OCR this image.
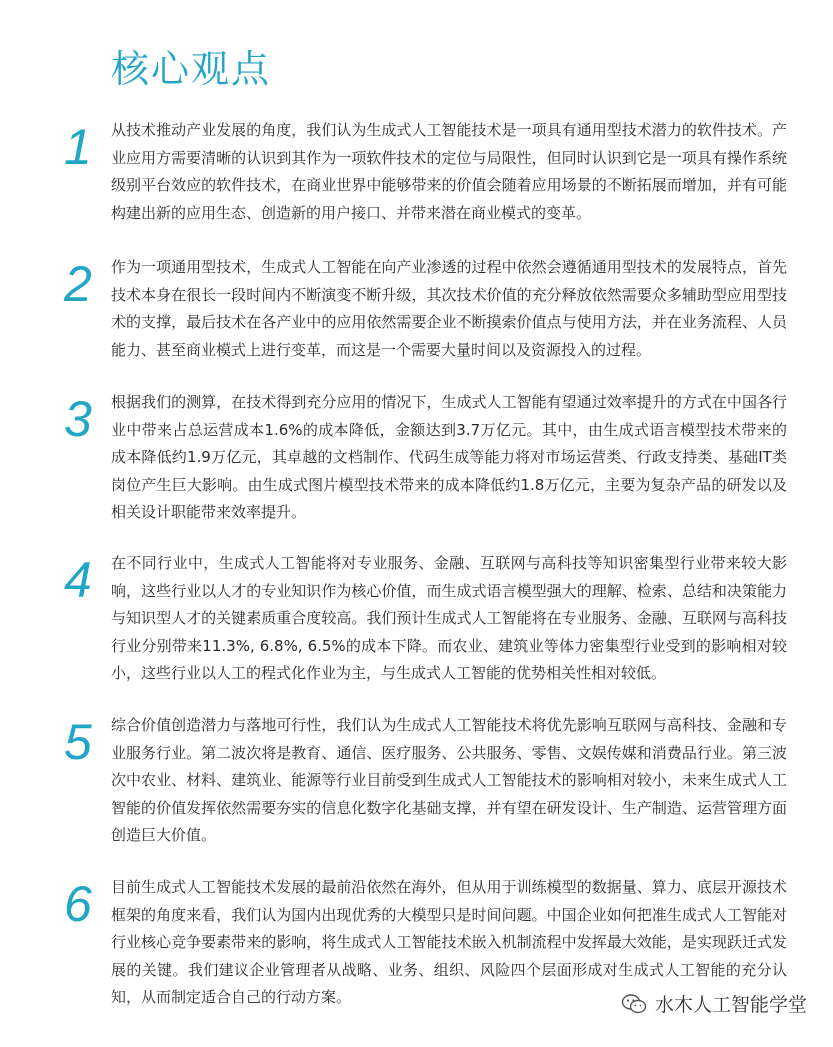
核心观点
1	从技术推动产业发展的角度，我们认为生成式人工智能技术是一项具有通用型技术潜力的软件技术。产业应用方需要清晰的认识到其作为一项软件技术的定位与局限性，但同时认识到它是一项具有操作系统级别平台效应的软件技术，在商业世界中能够带来的价值会随着应用场景的不断拓展而增加，并有可能构建出新的应用生态、创造新的用户接口、并带来潜在商业模式的变革。

2	作为一项通用型技术，生成式人工智能在向产业渗透的过程中依然会遵循通用型技术的发展特点，首先技术本身在很长一段时间内不断演变不断升级，其次技术价值的充分释放依然需要众多辅助型应用型技术的支撑，最后技术在各产业中的应用依然需要企业不断摸索价值点与使用方法，并在业务流程、人员能力、甚至商业模式上进行变革，而这是一个需要大量时间以及资源投入的过程。

3	根据我们的测算，在技术得到充分应用的情况下，生成式人工智能有望通过效率提升的方式在中国各行业中带来占总运营成本1.6%的成本降低，金额达到3.7万亿元。其中，由生成式语言模型技术带来的成本降低约1.9万亿元，其卓越的文档制作、代码生成等能力将对市场运营类、行政支持类、基础IT类岗位产生巨大影响。由生成式图片模型技术带来的成本降低约1.8万亿元，主要为复杂产品的研发以及相关设计职能带来效率提升。

4	在不同行业中，生成式人工智能将对专业服务、金融、互联网与高科技等知识密集型行业带来较大影响，这些行业以人才的专业知识作为核心价值，而生成式语言模型强大的理解、检索、总结和决策能力与知识型人才的关键素质重合度较高。我们预计生成式人工智能将在专业服务、金融、互联网与高科技行业分别带来11.3%, 6.8%, 6.5%的成本下降。而农业、建筑业等体力密集型行业受到的影响相对较小，这些行业以人工的程式化作业为主，与生成式人工智能的优势相关性相对较低。

5	综合价值创造潜力与落地可行性，我们认为生成式人工智能技术将优先影响互联网与高科技、金融和专业服务行业。第二波次将是教育、通信、医疗服务、公共服务、零售、文娱传媒和消费品行业。第三波次中农业、材料、建筑业、能源等行业目前受到生成式人工智能技术的影响相对较小，未来生成式人工智能的价值发挥依然需要夯实的信息化数字化基础支撑，并有望在研发设计、生产制造、运营管理方面创造巨大价值。

6	目前生成式人工智能技术发展的最前沿依然在海外，但从用于训练模型的数据量、算力、底层开源技术框架的角度来看，我们认为国内出现优秀的大模型只是时间问题。中国企业如何把准生成式人工智能对行业核心竞争要素带来的影响，将生成式人工智能技术嵌入机制流程中发挥最大效能，是实现跃迁式发展的关键。我们建议企业管理者从战略、业务、组织、风险四个层面形成对生成式人工智能的充分认知，从而制定适合自己的行动方案。	水木人工智能学堂
